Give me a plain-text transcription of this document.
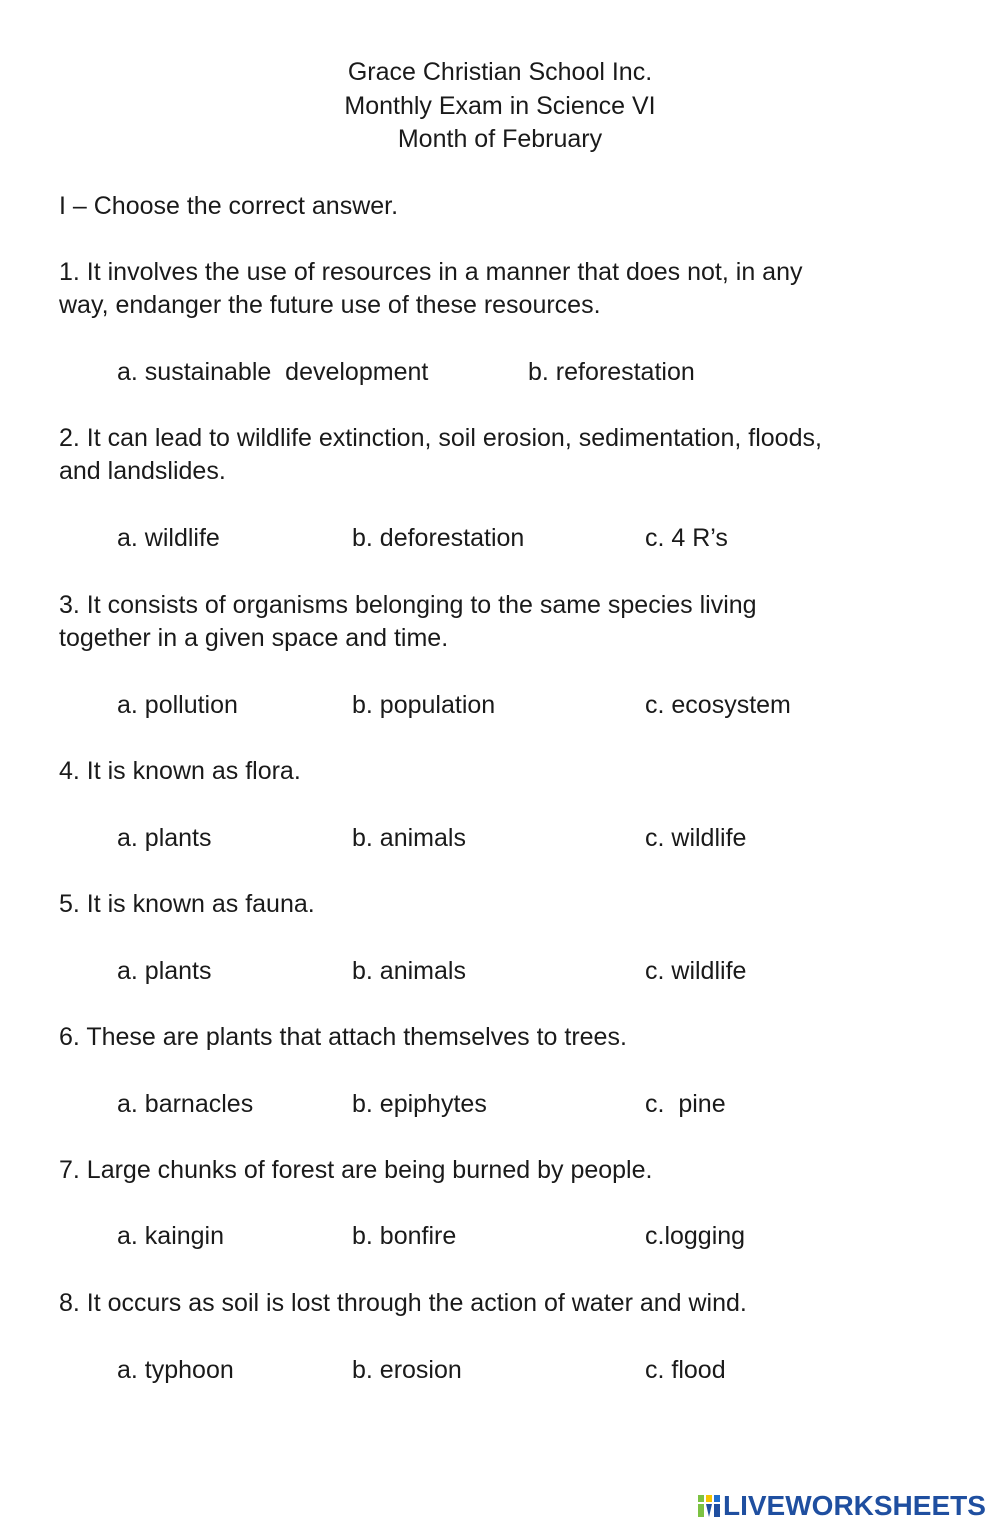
Grace Christian School Inc.
Monthly Exam in Science VI
Month of February
I – Choose the correct answer.
1. It involves the use of resources in a manner that does not, in any
way, endanger the future use of these resources.
a. sustainable  development	b. reforestation
2. It can lead to wildlife extinction, soil erosion, sedimentation, floods,
and landslides.
a. wildlife	b. deforestation	c. 4 R’s
3. It consists of organisms belonging to the same species living
together in a given space and time.
a. pollution	b. population	c. ecosystem
4. It is known as flora.
a. plants	b. animals	c. wildlife
5. It is known as fauna.
a. plants	b. animals	c. wildlife
6. These are plants that attach themselves to trees.
a. barnacles	b. epiphytes	c.  pine
7. Large chunks of forest are being burned by people.
a. kaingin	b. bonfire	c.logging
8. It occurs as soil is lost through the action of water and wind.
a. typhoon	b. erosion	c. flood
LIVEWORKSHEETS
